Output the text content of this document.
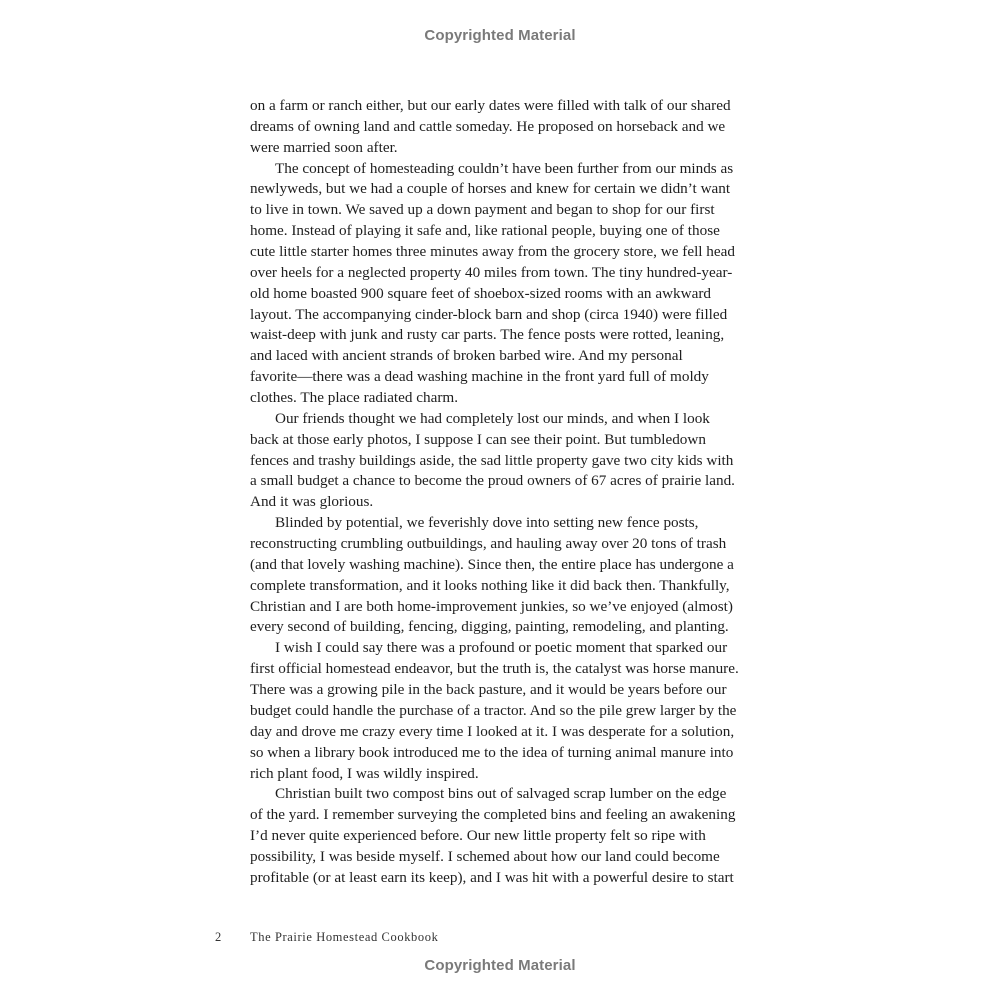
Copyrighted Material
on a farm or ranch either, but our early dates were filled with talk of our shared
dreams of owning land and cattle someday. He proposed on horseback and we
were married soon after.
The concept of homesteading couldn’t have been further from our minds as
newlyweds, but we had a couple of horses and knew for certain we didn’t want
to live in town. We saved up a down payment and began to shop for our first
home. Instead of playing it safe and, like rational people, buying one of those
cute little starter homes three minutes away from the grocery store, we fell head
over heels for a neglected property 40 miles from town. The tiny hundred-year-
old home boasted 900 square feet of shoebox-sized rooms with an awkward
layout. The accompanying cinder-block barn and shop (circa 1940) were filled
waist-deep with junk and rusty car parts. The fence posts were rotted, leaning,
and laced with ancient strands of broken barbed wire. And my personal
favorite—there was a dead washing machine in the front yard full of moldy
clothes. The place radiated charm.
Our friends thought we had completely lost our minds, and when I look
back at those early photos, I suppose I can see their point. But tumbledown
fences and trashy buildings aside, the sad little property gave two city kids with
a small budget a chance to become the proud owners of 67 acres of prairie land.
And it was glorious.
Blinded by potential, we feverishly dove into setting new fence posts,
reconstructing crumbling outbuildings, and hauling away over 20 tons of trash
(and that lovely washing machine). Since then, the entire place has undergone a
complete transformation, and it looks nothing like it did back then. Thankfully,
Christian and I are both home-improvement junkies, so we’ve enjoyed (almost)
every second of building, fencing, digging, painting, remodeling, and planting.
I wish I could say there was a profound or poetic moment that sparked our
first official homestead endeavor, but the truth is, the catalyst was horse manure.
There was a growing pile in the back pasture, and it would be years before our
budget could handle the purchase of a tractor. And so the pile grew larger by the
day and drove me crazy every time I looked at it. I was desperate for a solution,
so when a library book introduced me to the idea of turning animal manure into
rich plant food, I was wildly inspired.
Christian built two compost bins out of salvaged scrap lumber on the edge
of the yard. I remember surveying the completed bins and feeling an awakening
I’d never quite experienced before. Our new little property felt so ripe with
possibility, I was beside myself. I schemed about how our land could become
profitable (or at least earn its keep), and I was hit with a powerful desire to start
2 The Prairie Homestead Cookbook
Copyrighted Material
